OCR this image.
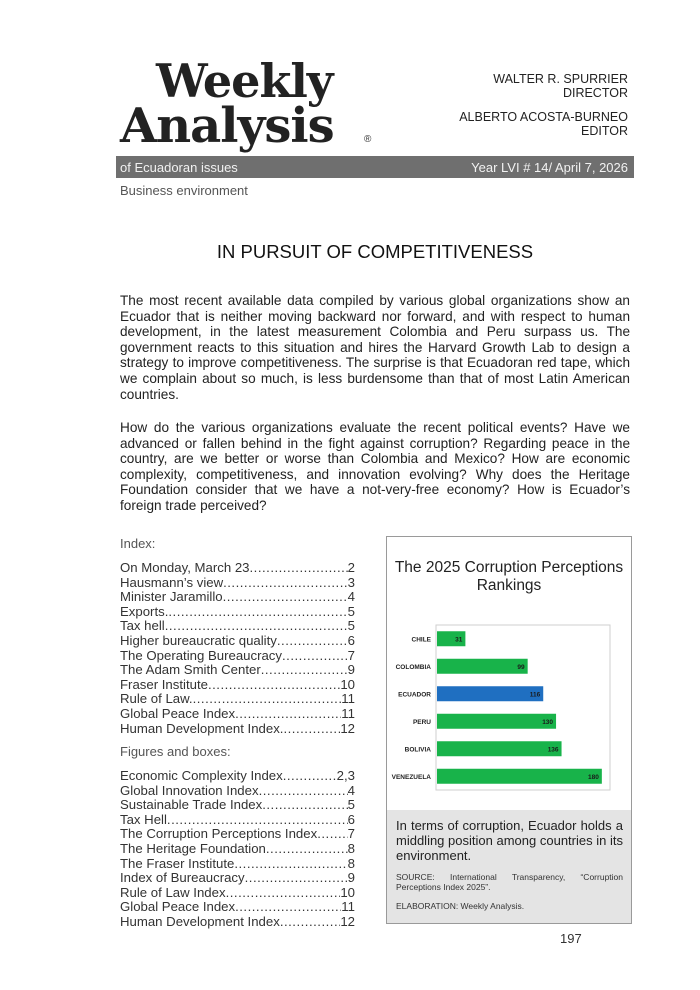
Weekly
Analysis	®
WALTER R. SPURRIER
DIRECTOR
ALBERTO ACOSTA-BURNEO
EDITOR
of Ecuadoran issues	Year LVI # 14/ April 7, 2026
Business environment
IN PURSUIT OF COMPETITIVENESS
The most recent available data compiled by various global organizations show an Ecuador that is neither moving backward nor forward, and with respect to human development, in the latest measurement Colombia and Peru surpass us. The government reacts to this situation and hires the Harvard Growth Lab to design a strategy to improve competitiveness. The surprise is that Ecuadoran red tape, which we complain about so much, is less burdensome than that of most Latin American countries.
How do the various organizations evaluate the recent political events? Have we advanced or fallen behind in the fight against corruption? Regarding peace in the country, are we better or worse than Colombia and Mexico? How are economic complexity, competitiveness, and innovation evolving? Why does the Heritage Foundation consider that we have a not-very-free economy? How is Ecuador’s foreign trade perceived?
Index:
On Monday, March 23 .....	2
Hausmann’s view .....	3
Minister Jaramillo .....	4
Exports. .....	5
Tax hell .....	5
Higher bureaucratic quality .....	6
The Operating Bureaucracy .....	7
The Adam Smith Center .....	9
Fraser Institute .....	10
Rule of Law. .....	11
Global Peace Index .....	11
Human Development Index. .....	12
Figures and boxes:
Economic Complexity Index .....	2,3
Global Innovation Index .....	4
Sustainable Trade Index .....	5
Tax Hell .....	6
The Corruption Perceptions Index ..... 7
The Heritage Foundation .....	8
The Fraser Institute .....	8
Index of Bureaucracy .....	9
Rule of Law Index .....	10
Global Peace Index .....	11
Human Development Index .....	12
The 2025 Corruption Perceptions Rankings
CHILE	31
COLOMBIA	99
ECUADOR	116
PERU	130
BOLIVIA	136
VENEZUELA	180
In terms of corruption, Ecuador holds a middling position among countries in its environment.
SOURCE: International Transparency, “Corruption Perceptions Index 2025”.
ELABORATION: Weekly Analysis.
197
